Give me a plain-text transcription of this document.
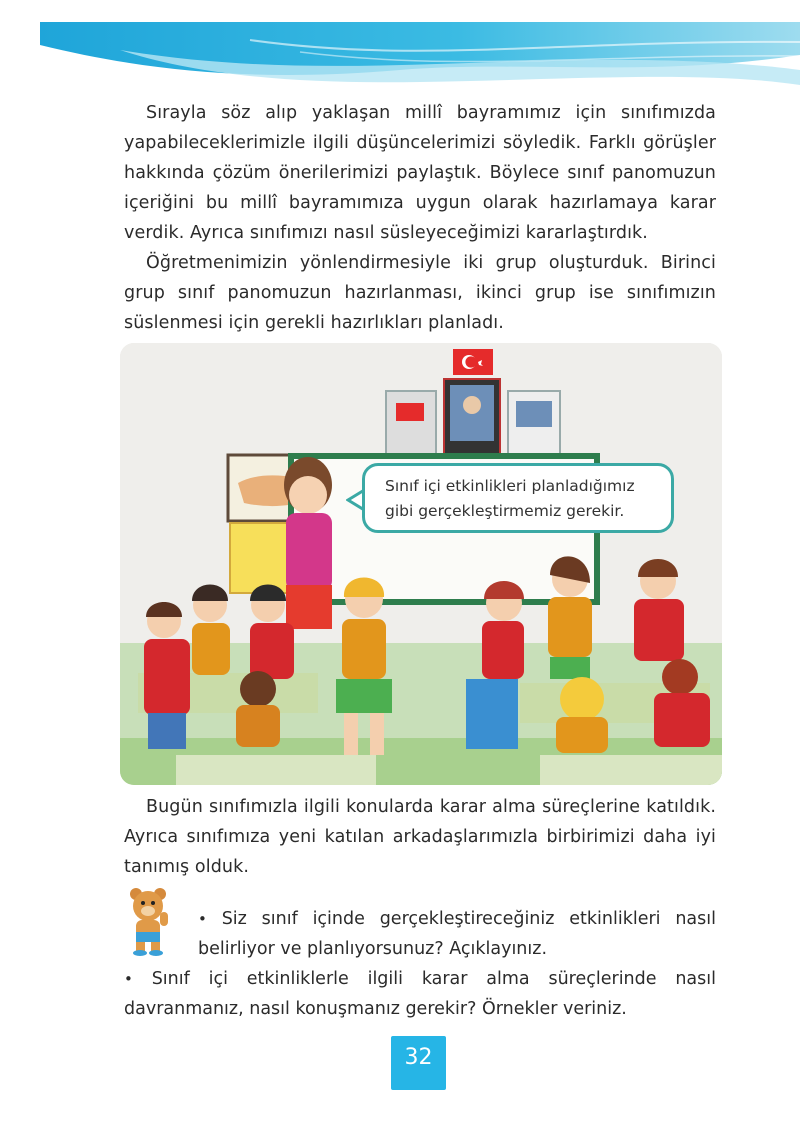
Sırayla söz alıp yaklaşan millî bayramımız için sınıfımızda yapabileceklerimizle ilgili düşüncelerimizi söyledik. Farklı görüşler hakkında çözüm önerilerimizi paylaştık. Böylece sınıf panomuzun içeriğini bu millî bayramımıza uygun olarak hazırlamaya karar verdik. Ayrıca sınıfımızı nasıl süsleyeceğimizi kararlaştırdık.

Öğretmenimizin yönlendirmesiyle iki grup oluşturduk. Birinci grup sınıf panomuzun hazırlanması, ikinci grup ise sınıfımızın süslenmesi için gerekli hazırlıkları planladı.

Sınıf içi etkinlikleri planladığımız gibi gerçekleştirmemiz gerekir.

Bugün sınıfımızla ilgili konularda karar alma süreçlerine katıldık. Ayrıca sınıfımıza yeni katılan arkadaşlarımızla birbirimizi daha iyi tanımış olduk.

• Siz sınıf içinde gerçekleştireceğiniz etkinlikleri nasıl belirliyor ve planlıyorsunuz? Açıklayınız.

• Sınıf içi etkinliklerle ilgili karar alma süreçlerinde nasıl davranmanız, nasıl konuşmanız gerekir? Örnekler veriniz.

32
